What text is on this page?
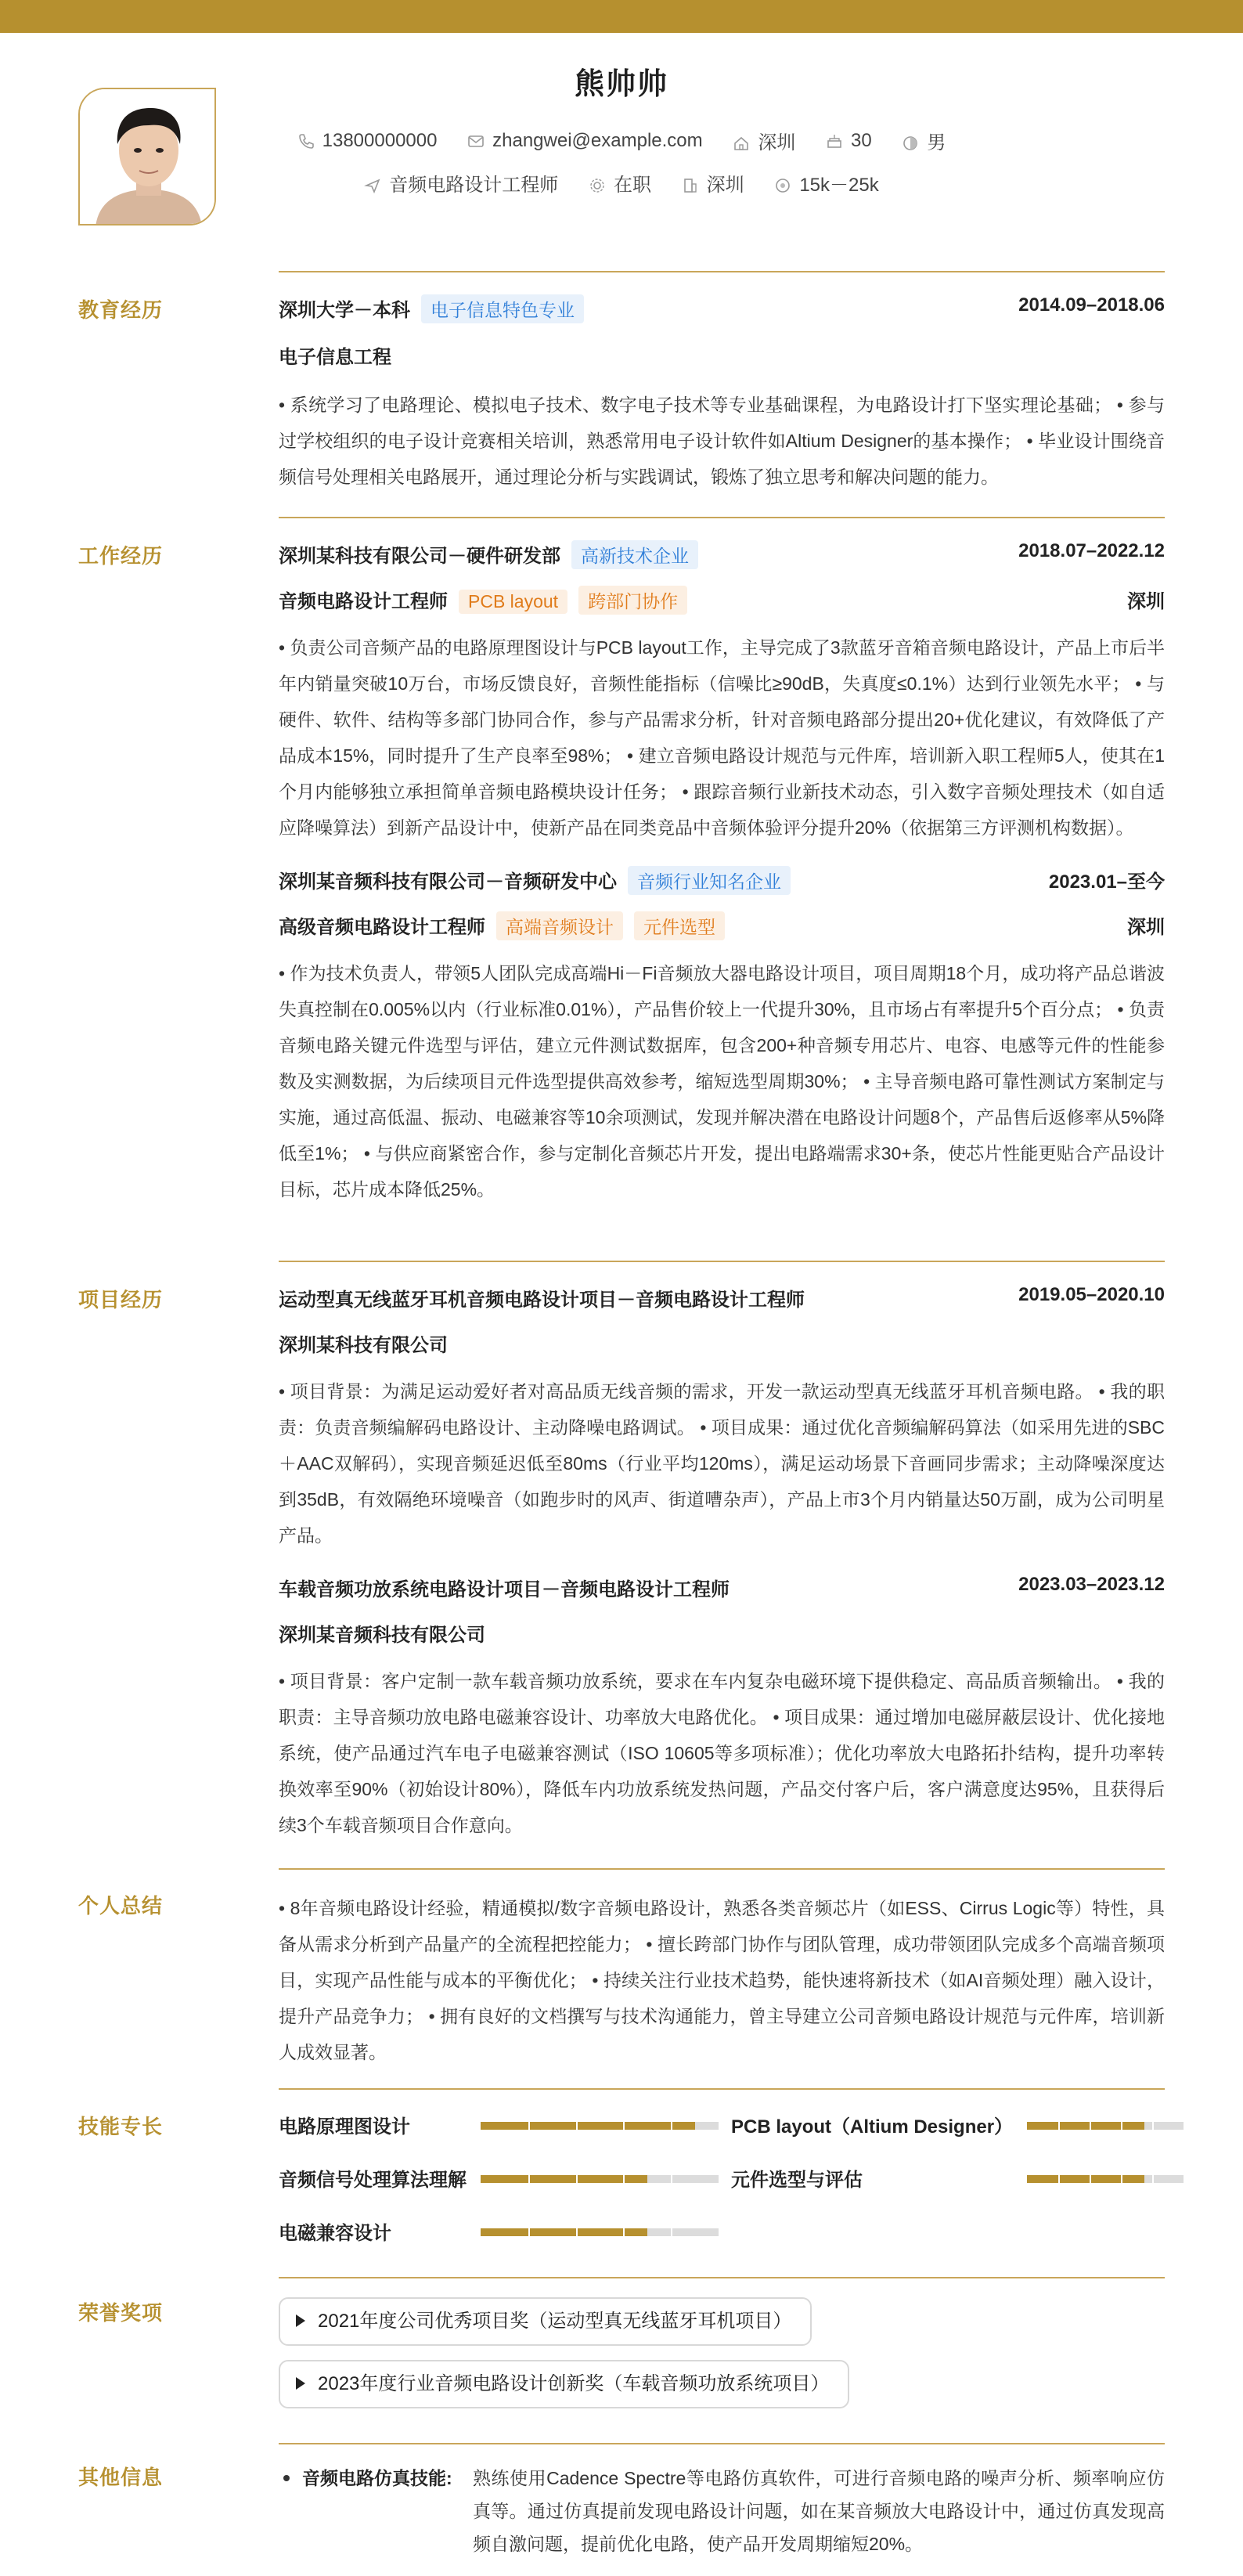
熊帅帅
13800000000	zhangwei@example.com	深圳	30	男
音频电路设计工程师	在职	深圳	15k－25k
教育经历	深圳大学－本科 电子信息特色专业	2014.09–2018.06
电子信息工程
• 系统学习了电路理论、模拟电子技术、数字电子技术等专业基础课程，为电路设计打下坚实理论基础； • 参与过学校组织的电子设计竞赛相关培训，熟悉常用电子设计软件如Altium Designer的基本操作； • 毕业设计围绕音频信号处理相关电路展开，通过理论分析与实践调试，锻炼了独立思考和解决问题的能力。
工作经历	深圳某科技有限公司－硬件研发部 高新技术企业	2018.07–2022.12
音频电路设计工程师 PCB layout 跨部门协作	深圳
• 负责公司音频产品的电路原理图设计与PCB layout工作，主导完成了3款蓝牙音箱音频电路设计，产品上市后半年内销量突破10万台，市场反馈良好，音频性能指标（信噪比≥90dB，失真度≤0.1%）达到行业领先水平； • 与硬件、软件、结构等多部门协同合作，参与产品需求分析，针对音频电路部分提出20+优化建议，有效降低了产品成本15%，同时提升了生产良率至98%； • 建立音频电路设计规范与元件库，培训新入职工程师5人，使其在1个月内能够独立承担简单音频电路模块设计任务； • 跟踪音频行业新技术动态，引入数字音频处理技术（如自适应降噪算法）到新产品设计中，使新产品在同类竞品中音频体验评分提升20%（依据第三方评测机构数据）。
深圳某音频科技有限公司－音频研发中心 音频行业知名企业	2023.01–至今
高级音频电路设计工程师 高端音频设计 元件选型	深圳
• 作为技术负责人，带领5人团队完成高端Hi－Fi音频放大器电路设计项目，项目周期18个月，成功将产品总谐波失真控制在0.005%以内（行业标准0.01%），产品售价较上一代提升30%，且市场占有率提升5个百分点； • 负责音频电路关键元件选型与评估，建立元件测试数据库，包含200+种音频专用芯片、电容、电感等元件的性能参数及实测数据，为后续项目元件选型提供高效参考，缩短选型周期30%； • 主导音频电路可靠性测试方案制定与实施，通过高低温、振动、电磁兼容等10余项测试，发现并解决潜在电路设计问题8个，产品售后返修率从5%降低至1%； • 与供应商紧密合作，参与定制化音频芯片开发，提出电路端需求30+条，使芯片性能更贴合产品设计目标，芯片成本降低25%。
项目经历	运动型真无线蓝牙耳机音频电路设计项目－音频电路设计工程师	2019.05–2020.10
深圳某科技有限公司
• 项目背景：为满足运动爱好者对高品质无线音频的需求，开发一款运动型真无线蓝牙耳机音频电路。 • 我的职责：负责音频编解码电路设计、主动降噪电路调试。 • 项目成果：通过优化音频编解码算法（如采用先进的SBC＋AAC双解码），实现音频延迟低至80ms（行业平均120ms），满足运动场景下音画同步需求；主动降噪深度达到35dB，有效隔绝环境噪音（如跑步时的风声、街道嘈杂声），产品上市3个月内销量达50万副，成为公司明星产品。
车载音频功放系统电路设计项目－音频电路设计工程师	2023.03–2023.12
深圳某音频科技有限公司
• 项目背景：客户定制一款车载音频功放系统，要求在车内复杂电磁环境下提供稳定、高品质音频输出。 • 我的职责：主导音频功放电路电磁兼容设计、功率放大电路优化。 • 项目成果：通过增加电磁屏蔽层设计、优化接地系统，使产品通过汽车电子电磁兼容测试（ISO 10605等多项标准）；优化功率放大电路拓扑结构，提升功率转换效率至90%（初始设计80%），降低车内功放系统发热问题，产品交付客户后，客户满意度达95%，且获得后续3个车载音频项目合作意向。
个人总结	• 8年音频电路设计经验，精通模拟/数字音频电路设计，熟悉各类音频芯片（如ESS、Cirrus Logic等）特性，具备从需求分析到产品量产的全流程把控能力； • 擅长跨部门协作与团队管理，成功带领团队完成多个高端音频项目，实现产品性能与成本的平衡优化； • 持续关注行业技术趋势，能快速将新技术（如AI音频处理）融入设计，提升产品竞争力； • 拥有良好的文档撰写与技术沟通能力，曾主导建立公司音频电路设计规范与元件库，培训新人成效显著。
技能专长	电路原理图设计	PCB layout（Altium Designer）
音频信号处理算法理解	元件选型与评估
电磁兼容设计
荣誉奖项	2021年度公司优秀项目奖（运动型真无线蓝牙耳机项目）
2023年度行业音频电路设计创新奖（车载音频功放系统项目）
其他信息	音频电路仿真技能: 熟练使用Cadence Spectre等电路仿真软件，可进行音频电路的噪声分析、频率响应仿真等。通过仿真提前发现电路设计问题，如在某音频放大电路设计中，通过仿真发现高频自激问题，提前优化电路，使产品开发周期缩短20%。
